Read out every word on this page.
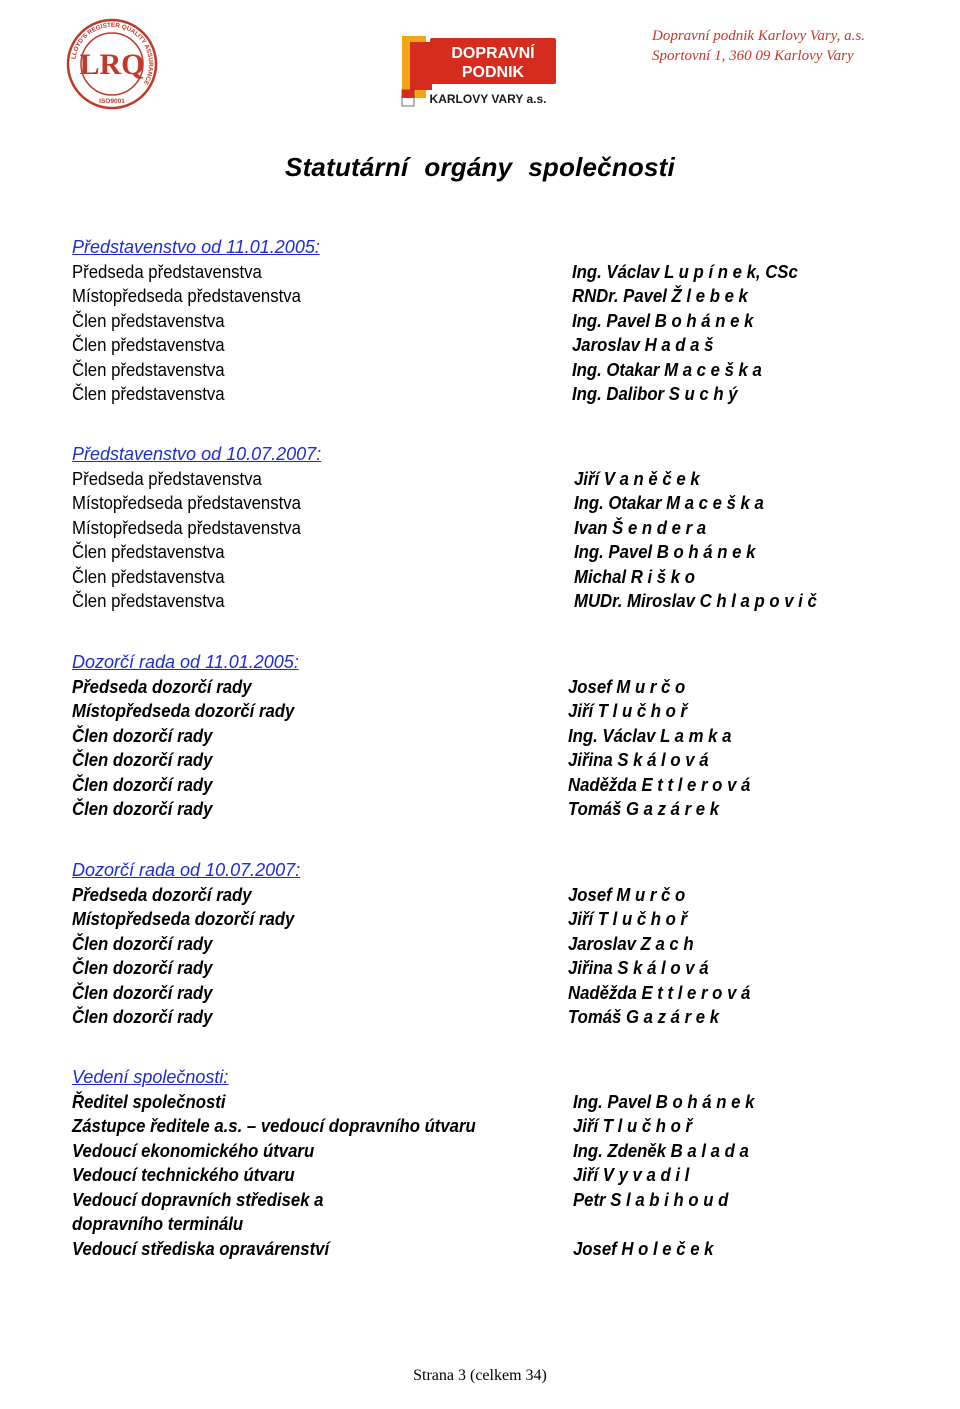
LLOYD'S REGISTER QUALITY ASSURANCE
LRQ
ISO9001
DOPRAVNÍ
PODNIK
KARLOVY VARY a.s.
Dopravní podnik Karlovy Vary, a.s.
Sportovní 1, 360 09 Karlovy Vary
Statutární orgány společnosti
Představenstvo od 11.01.2005:
Předseda představenstva	Ing. Václav L u p í n e k, CSc
Místopředseda představenstva	RNDr. Pavel Ž l e b e k
Člen představenstva	Ing. Pavel B o h á n e k
Člen představenstva	Jaroslav H a d a š
Člen představenstva	Ing. Otakar M a c e š k a
Člen představenstva	Ing. Dalibor S u c h ý
Představenstvo od 10.07.2007:
Předseda představenstva	Jiří V a n ě č e k
Místopředseda představenstva	Ing. Otakar M a c e š k a
Místopředseda představenstva	Ivan Š e n d e r a
Člen představenstva	Ing. Pavel B o h á n e k
Člen představenstva	Michal R i š k o
Člen představenstva	MUDr. Miroslav C h l a p o v i č
Dozorčí rada od 11.01.2005:
Předseda dozorčí rady	Josef M u r č o
Místopředseda dozorčí rady	Jiří T l u č h o ř
Člen dozorčí rady	Ing. Václav L a m k a
Člen dozorčí rady	Jiřina S k á l o v á
Člen dozorčí rady	Naděžda E t t l e r o v á
Člen dozorčí rady	Tomáš G a z á r e k
Dozorčí rada od 10.07.2007:
Předseda dozorčí rady	Josef M u r č o
Místopředseda dozorčí rady	Jiří T l u č h o ř
Člen dozorčí rady	Jaroslav Z a c h
Člen dozorčí rady	Jiřina S k á l o v á
Člen dozorčí rady	Naděžda E t t l e r o v á
Člen dozorčí rady	Tomáš G a z á r e k
Vedení společnosti:
Ředitel společnosti	Ing. Pavel B o h á n e k
Zástupce ředitele a.s. – vedoucí dopravního útvaru	Jiří T l u č h o ř
Vedoucí ekonomického útvaru	Ing. Zdeněk B a l a d a
Vedoucí technického útvaru	Jiří V y v a d i l
Vedoucí dopravních středisek a	Petr S l a b i h o u d
dopravního terminálu
Vedoucí střediska opravárenství	Josef H o l e č e k
Strana 3 (celkem 34)
